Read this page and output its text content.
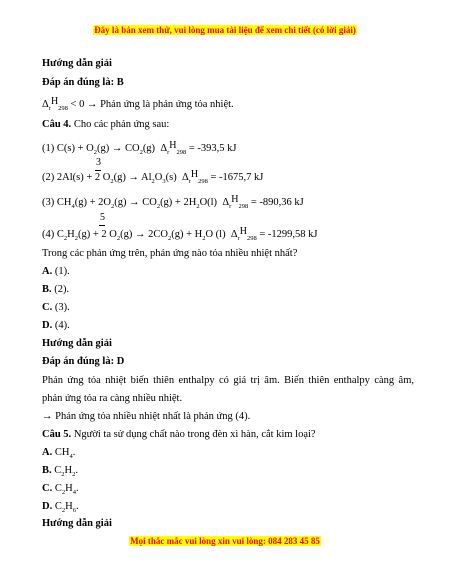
Đây là bản xem thử, vui lòng mua tài liệu để xem chi tiết (có lời giải)
Hướng dẫn giải
Đáp án đúng là: B
$\Delta_rH_{298} < 0$ → Phản ứng là phản ứng tỏa nhiệt.
Câu 4. Cho các phản ứng sau:
(1) $C(s) + O_2(g) \to CO_2(g) \Delta_rH_{298} = -393,5$ kJ
3
(2) 2Al(s) + 2 $O_2(g) \to Al_2O_3(s) \Delta_rH_{298} = -1675,7$ kJ
(3) $CH_4(g) + 2O_2(g) \to CO_2(g) + 2H_2O(l) \Delta_rH_{298} = -890,36$ kJ
5
(4) $C_2H_2(g) + 2$ $O_2(g) \to 2CO_2(g) + H_2O$ (l) $\Delta_rH_{298} = -1299,58$ kJ
Trong các phản ứng trên, phản ứng nào tỏa nhiều nhiệt nhất?
A. (1).
B. (2).
C. (3).
D. (4).
Hướng dẫn giải
Đáp án đúng là: D
Phản ứng tỏa nhiệt biến thiên enthalpy có giá trị âm. Biến thiên enthalpy càng âm,
phản ứng tỏa ra càng nhiều nhiệt.
→ Phản ứng tỏa nhiều nhiệt nhất là phản ứng (4).
Câu 5. Người ta sử dụng chất nào trong đèn xì hàn, cắt kim loại?
A. $CH_4$.
B. $C_2H_2$.
C. $C_2H_4$.
D. $C_2H_6$.
Hướng dẫn giải
Mọi thắc mắc vui lòng xin vui lòng: 084 283 45 85
